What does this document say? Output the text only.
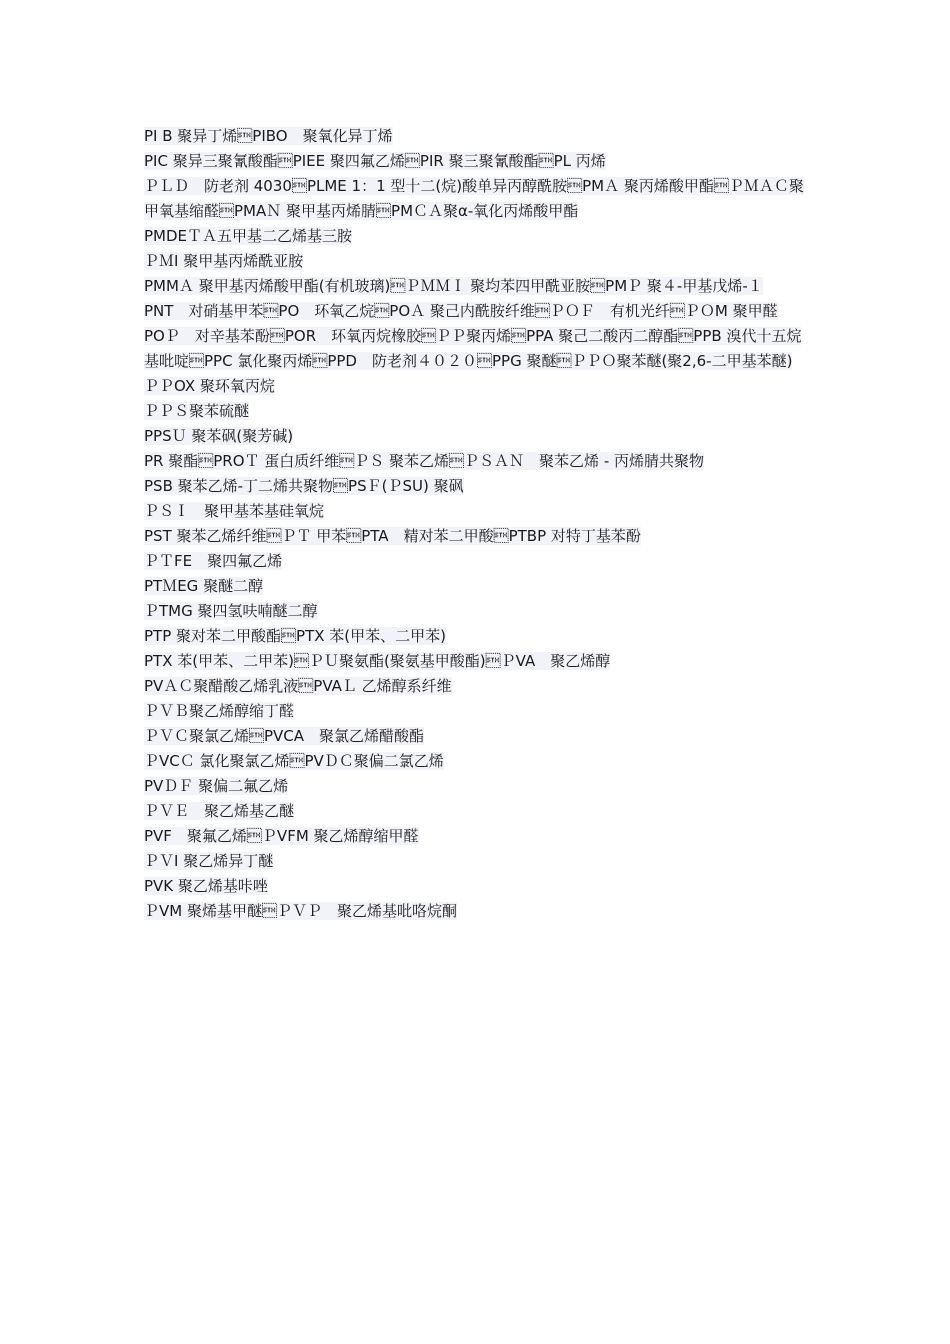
PI B 聚异丁烯PIBO　聚氧化异丁烯

PIC 聚异三聚氰酸酯PIEE 聚四氟乙烯PIR 聚三聚氰酸酯PL 丙烯

ＰＬＤ　防老剂 4030PLME 1：1 型十二(烷)酸单异丙醇酰胺PMＡ 聚丙烯酸甲酯ＰＭＡＣ聚甲氧基缩醛PMAＮ 聚甲基丙烯腈PMＣＡ聚α-氧化丙烯酸甲酯

PMDEＴＡ五甲基二乙烯基三胺

ＰＭI 聚甲基丙烯酰亚胺

PMMＡ 聚甲基丙烯酸甲酯(有机玻璃)ＰＭＭＩ 聚均苯四甲酰亚胺PMＰ 聚４-甲基戊烯-１

PNT　对硝基甲苯PO　环氧乙烷POＡ 聚己内酰胺纤维ＰＯＦ　有机光纤ＰＯM 聚甲醛

POＰ　对辛基苯酚POR　环氧丙烷橡胶ＰＰ聚丙烯PPA 聚己二酸丙二醇酯PPB 溴代十五烷基吡啶PPC 氯化聚丙烯PPD　防老剂４０２０PPG 聚醚ＰＰＯ聚苯醚(聚2,6-二甲基苯醚)

ＰＰOX 聚环氧丙烷

ＰＰＳ聚苯硫醚

PPSＵ 聚苯砜(聚芳碱)

PR 聚酯PROＴ 蛋白质纤维ＰＳ 聚苯乙烯ＰＳＡＮ　聚苯乙烯 - 丙烯腈共聚物

PSB 聚苯乙烯-丁二烯共聚物PSＦ(ＰSU) 聚砜

ＰＳＩ　聚甲基苯基硅氧烷

PST 聚苯乙烯纤维ＰＴ 甲苯PTA　精对苯二甲酸PTBP 对特丁基苯酚

ＰＴFE　聚四氟乙烯

PTＭEG 聚醚二醇

ＰTMG 聚四氢呋喃醚二醇

PTP 聚对苯二甲酸酯PTX 苯(甲苯、二甲苯)

PTX 苯(甲苯、二甲苯)ＰＵ聚氨酯(聚氨基甲酸酯)ＰVA　聚乙烯醇

PVＡＣ聚醋酸乙烯乳液PVAＬ 乙烯醇系纤维

ＰＶＢ聚乙烯醇缩丁醛

ＰＶＣ聚氯乙烯PVCA　聚氯乙烯醋酸酯

ＰVCＣ 氯化聚氯乙烯PVＤＣ聚偏二氯乙烯

PVＤＦ 聚偏二氟乙烯

ＰＶＥ　聚乙烯基乙醚

PVF　聚氟乙烯ＰVFM 聚乙烯醇缩甲醛

ＰＶI 聚乙烯异丁醚

PVK 聚乙烯基咔唑

ＰVM 聚烯基甲醚ＰＶＰ　聚乙烯基吡咯烷酮
